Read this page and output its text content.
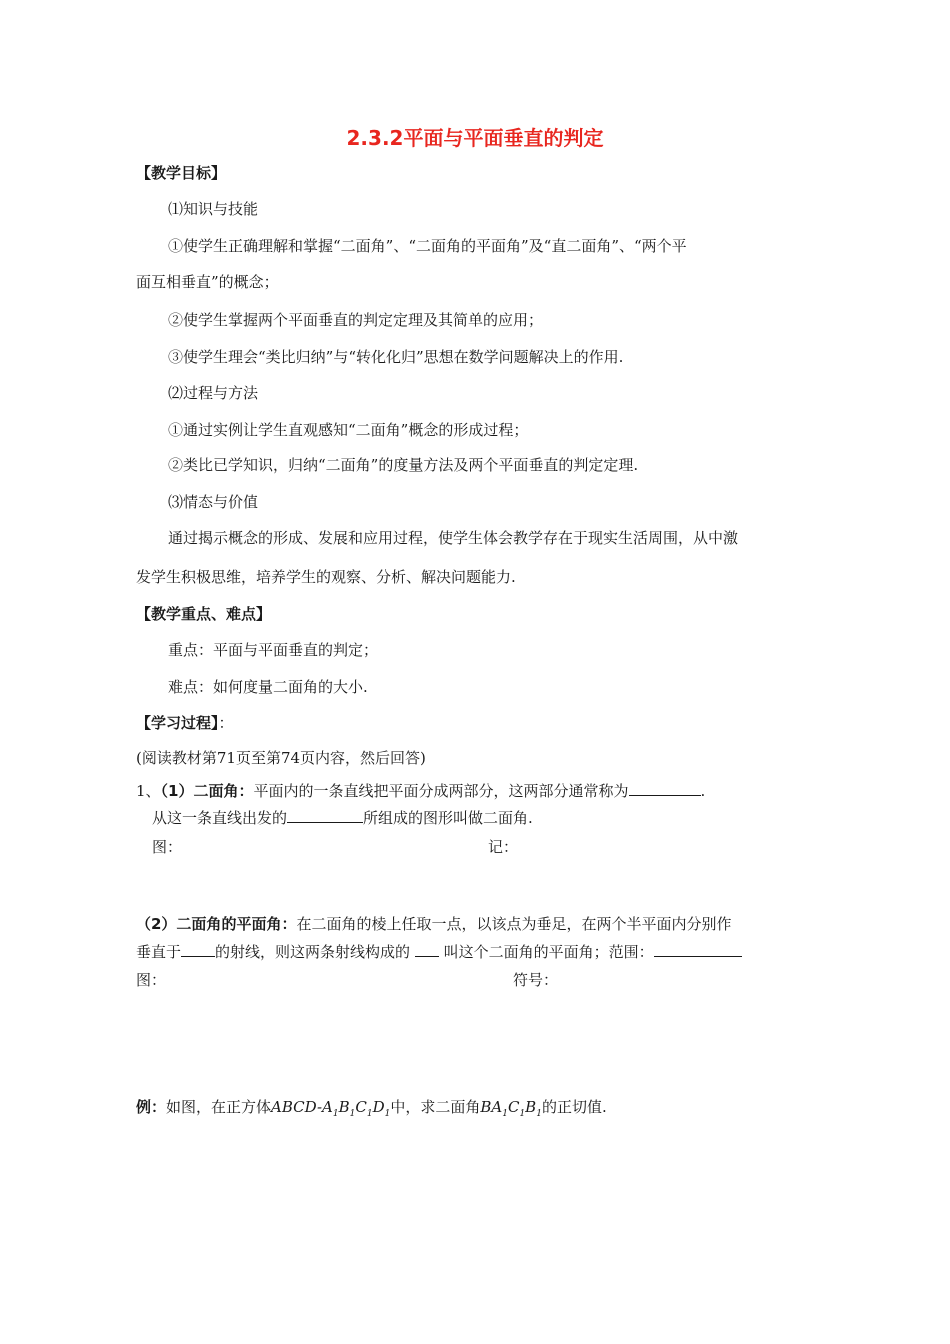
2.3.2平面与平面垂直的判定
【教学目标】
⑴知识与技能
①使学生正确理解和掌握“二面角”、“二面角的平面角”及“直二面角”、“两个平
面互相垂直”的概念；
②使学生掌握两个平面垂直的判定定理及其简单的应用；
③使学生理会“类比归纳”与“转化化归”思想在数学问题解决上的作用.
⑵过程与方法
①通过实例让学生直观感知“二面角”概念的形成过程；
②类比已学知识，归纳“二面角”的度量方法及两个平面垂直的判定定理.
⑶情态与价值
通过揭示概念的形成、发展和应用过程，使学生体会教学存在于现实生活周围，从中激
发学生积极思维，培养学生的观察、分析、解决问题能力.
【教学重点、难点】
重点：平面与平面垂直的判定；
难点：如何度量二面角的大小.
【学习过程】：
(阅读教材第71页至第74页内容，然后回答)
1、（1）二面角：平面内的一条直线把平面分成两部分，这两部分通常称为	.
从这一条直线出发的	所组成的图形叫做二面角.
图：	记：
（2）二面角的平面角：在二面角的棱上任取一点，以该点为垂足，在两个半平面内分别作
垂直于 的射线，则这两条射线构成的 叫这个二面角的平面角；范围：
图：	符号：
例：如图，在正方体ABCD-$A_1B_1C_1D_1$中，求二面角$BA_1C_1B_1$的正切值.
